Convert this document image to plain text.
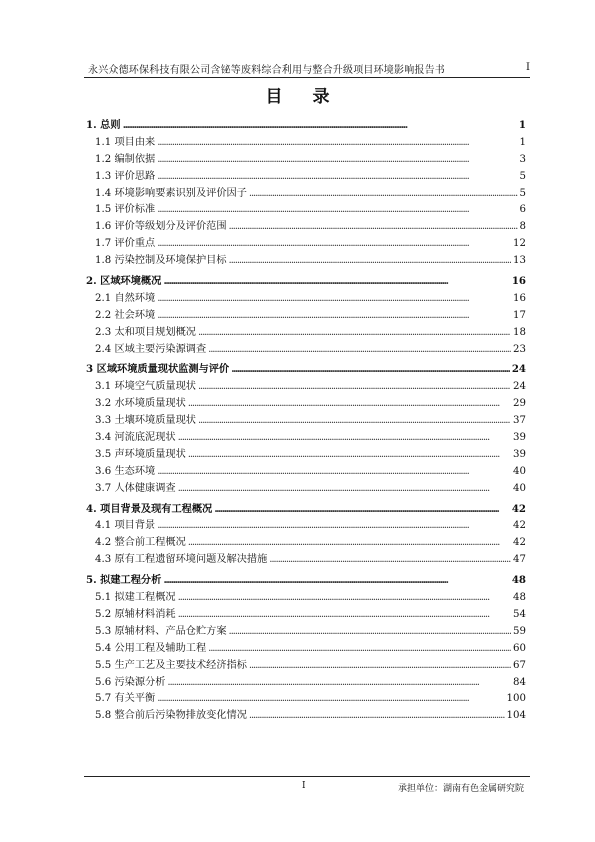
永兴众德环保科技有限公司含铋等废料综合利用与整合升级项目环境影响报告书	I
目 录
1. 总则 . . .	1
1.1 项目由来 . . .	1
1.2 编制依据 . . .	3
1.3 评价思路 . . .	5
1.4 环境影响要素识别及评价因子 . . .	5
1.5 评价标准 . . .	6
1.6 评价等级划分及评价范围 . . .	8
1.7 评价重点 . . .	12
1.8 污染控制及环境保护目标 . . .	13
2. 区域环境概况 . . .	16
2.1 自然环境 . . .	16
2.2 社会环境 . . .	17
2.3 太和项目规划概况 . . .	18
2.4 区域主要污染源调查 . . .	23
3 区域环境质量现状监测与评价 . . .	24
3.1 环境空气质量现状 . . .	24
3.2 水环境质量现状 . . .	29
3.3 土壤环境质量现状 . . .	37
3.4 河流底泥现状 . . .	39
3.5 声环境质量现状 . . .	39
3.6 生态环境 . . .	40
3.7 人体健康调查 . . .	40
4. 项目背景及现有工程概况 . . .	42
4.1 项目背景 . . .	42
4.2 整合前工程概况 . . .	42
4.3 原有工程遗留环境问题及解决措施 . . .	47
5. 拟建工程分析 . . .	48
5.1 拟建工程概况 . . .	48
5.2 原辅材料消耗 . . .	54
5.3 原辅材料、产品仓贮方案 . . .	59
5.4 公用工程及辅助工程 . . .	60
5.5 生产工艺及主要技术经济指标 . . .	67
5.6 污染源分析 . . .	84
5.7 有关平衡 . . .	100
5.8 整合前后污染物排放变化情况 . . .	104
I	承担单位：湖南有色金属研究院
